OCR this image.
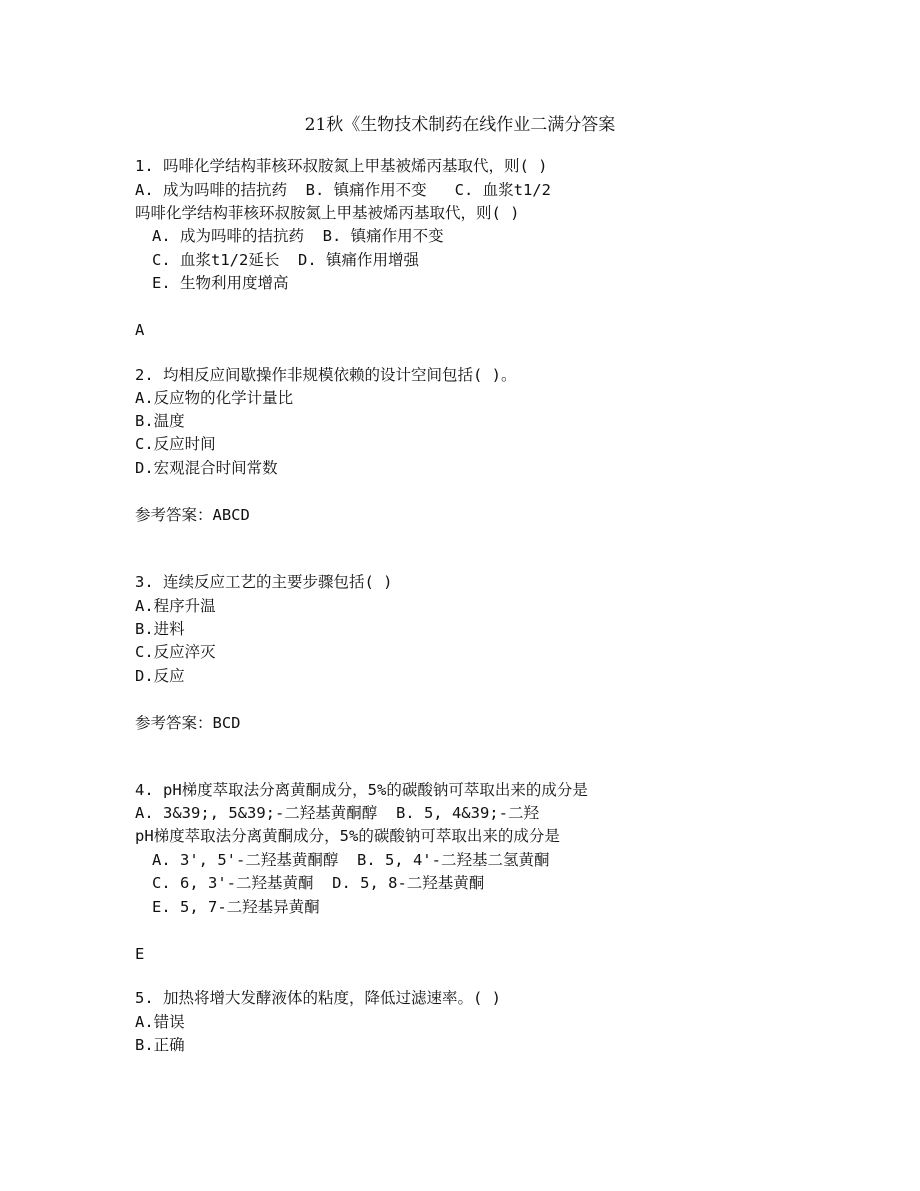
21秋《生物技术制药在线作业二满分答案
1. 吗啡化学结构菲核环叔胺氮上甲基被烯丙基取代，则( )
A. 成为吗啡的拮抗药  B. 镇痛作用不变   C. 血浆t1/2
吗啡化学结构菲核环叔胺氮上甲基被烯丙基取代，则( )
A. 成为吗啡的拮抗药  B. 镇痛作用不变
C. 血浆t1/2延长  D. 镇痛作用增强
E. 生物利用度增高
A
2. 均相反应间歇操作非规模依赖的设计空间包括( )。
A.反应物的化学计量比
B.温度
C.反应时间
D.宏观混合时间常数
参考答案：ABCD
3. 连续反应工艺的主要步骤包括( )
A.程序升温
B.进料
C.反应淬灭
D.反应
参考答案：BCD
4. pH梯度萃取法分离黄酮成分，5%的碳酸钠可萃取出来的成分是
A. 3&39;, 5&39;-二羟基黄酮醇  B. 5, 4&39;-二羟
pH梯度萃取法分离黄酮成分，5%的碳酸钠可萃取出来的成分是
A. 3', 5'-二羟基黄酮醇  B. 5, 4'-二羟基二氢黄酮
C. 6, 3'-二羟基黄酮  D. 5, 8-二羟基黄酮
E. 5, 7-二羟基异黄酮
E
5. 加热将增大发酵液体的粘度，降低过滤速率。( )
A.错误
B.正确
